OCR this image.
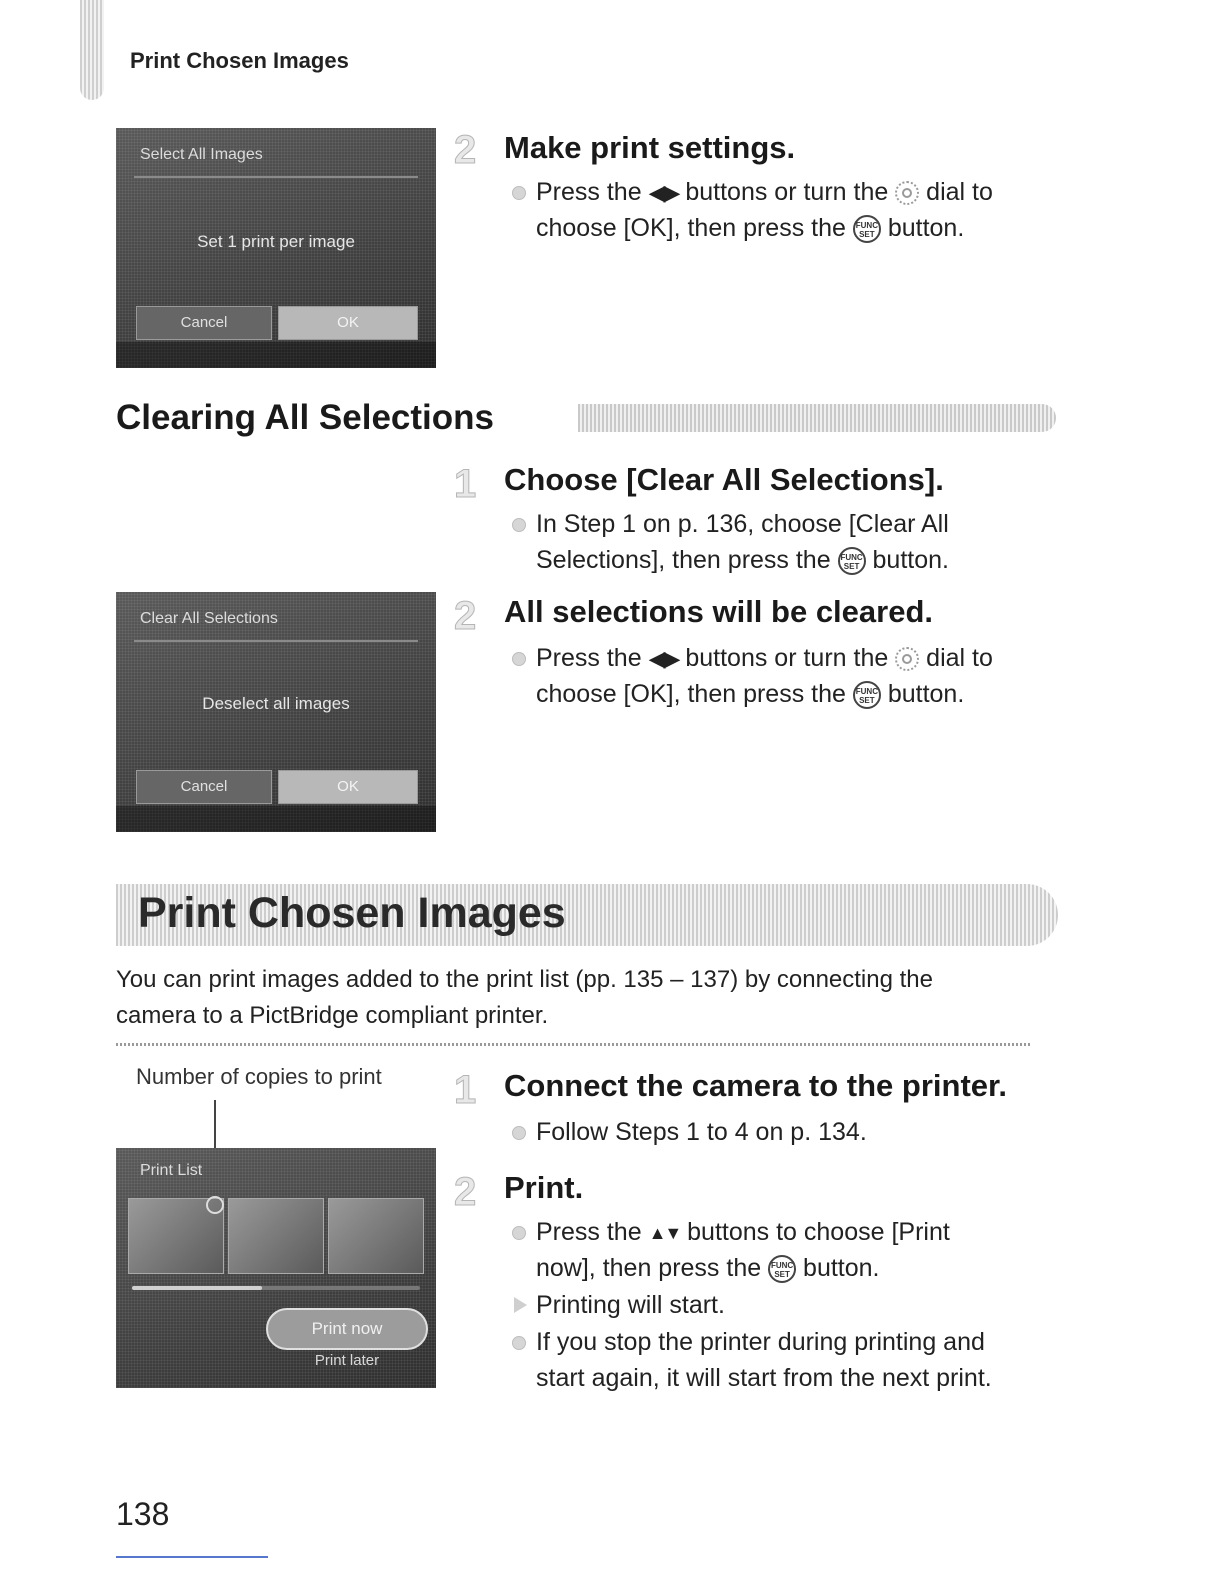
Print Chosen Images
Select All Images
Set 1 print per image
Cancel	OK
2 Make print settings.
Press the ◀▶ buttons or turn the dial to
choose [OK], then press the FUNC
SET button.
Clearing All Selections
1 Choose [Clear All Selections].
In Step 1 on p. 136, choose [Clear All
Selections], then press the FUNC
SET button.
Clear All Selections
Deselect all images
Cancel	OK
2 All selections will be cleared.
Press the ◀▶ buttons or turn the dial to
choose [OK], then press the FUNC
SET button.
Print Chosen Images
You can print images added to the print list (pp. 135 – 137) by connecting the
camera to a PictBridge compliant printer.
Number of copies to print
Print List
Print now
Print later
1 Connect the camera to the printer.
Follow Steps 1 to 4 on p. 134.
2 Print.
Press the ▲▼ buttons to choose [Print
now], then press the FUNC
SET button.
Printing will start.
If you stop the printer during printing and
start again, it will start from the next print.
138
